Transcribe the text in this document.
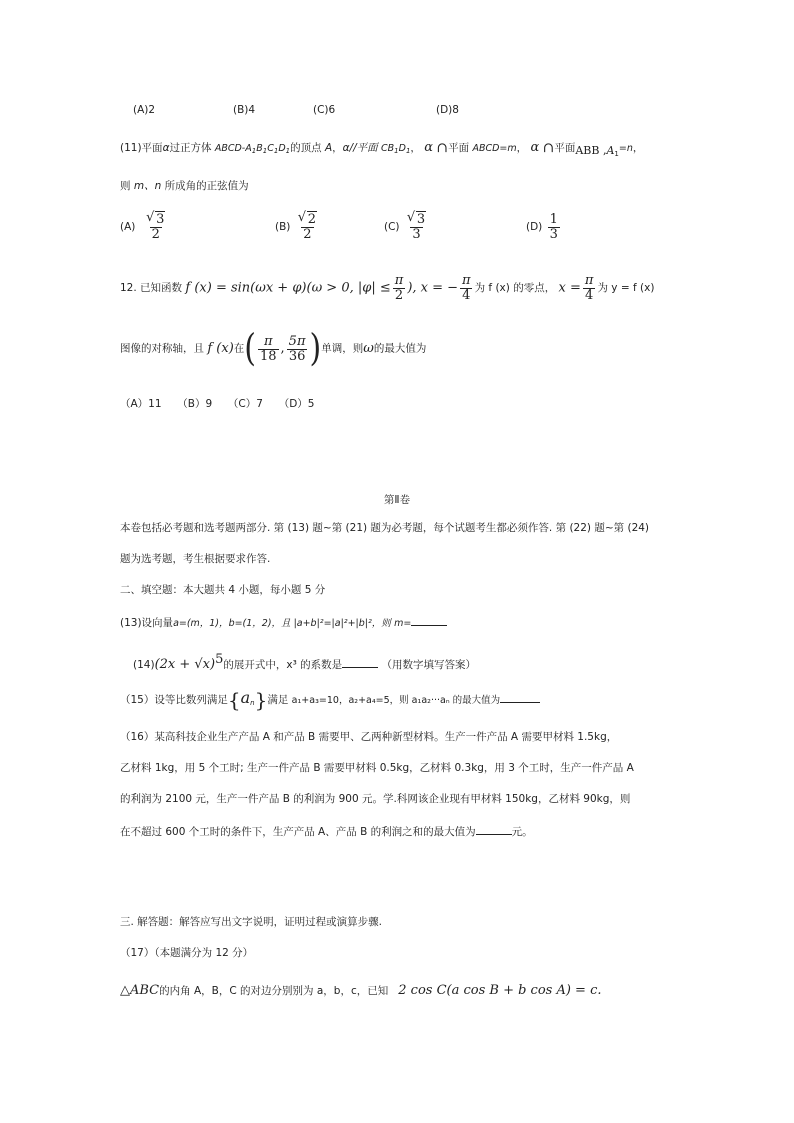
(A)2	(B)4	(C)6	(D)8
(11)平面α过正方体 ABCD-$A_1B_1C_1D_1$的顶点 A，α//平面 $CB_1D_1$， α ∩平面 ABCD=m， α ∩平面ABB $,A_1=n$，
则 m、n 所成角的正弦值为
(A) √ $\frac{3}{2}$	(B) √ $\frac{2}{2}$	(C) √ $\frac{3}{3}$	$(D) \frac{1}{3}$
12. 已知函数 f (x) = sin(ωx + φ)(ω > 0, $|\varphi| \le \frac{\pi}{2}$ ), x = − $\frac{\pi}{4}$ 为 f (x) 的零点， $x = \frac{\pi}{4}$ 为 y = f (x)
图像的对称轴，且 f (x)在( $\frac{\pi}{18}$ , $\frac{5\pi}{36}$ )单调，则ω的最大值为
（A）11　　（B）9　　（C）7　　（D）5
第Ⅱ卷
本卷包括必考题和选考题两部分. 第 (13) 题~第 (21) 题为必考题，每个试题考生都必须作答. 第 (22) 题~第 (24)
题为选考题，考生根据要求作答.
二、填空题：本大题共 4 小题，每小题 5 分
(13)设向量a=(m，1)，b=(1，2)，且 |a+b|²=|a|²+|b|²，则 m=
$(14)(2x + √x)^5$的展开式中，x³ 的系数是	（用数字填写答案）
（15）设等比数列满足$\{a_n\}$满足 a₁+a₃=10，a₂+a₄=5，则 a₁a₂···aₙ 的最大值为
（16）某高科技企业生产产品 A 和产品 B 需要甲、乙两种新型材料。生产一件产品 A 需要甲材料 1.5kg，
乙材料 1kg，用 5 个工时; 生产一件产品 B 需要甲材料 0.5kg，乙材料 0.3kg，用 3 个工时，生产一件产品 A
的利润为 2100 元，生产一件产品 B 的利润为 900 元。学.科网该企业现有甲材料 150kg，乙材料 90kg，则
在不超过 600 个工时的条件下，生产产品 A、产品 B 的利润之和的最大值为	元。
三. 解答题：解答应写出文字说明，证明过程或演算步骤.
（17）（本题满分为 12 分）
△ABC的内角 A，B，C 的对边分别别为 a，b，c，已知 2 cos C(a cos B + b cos A) = c.
